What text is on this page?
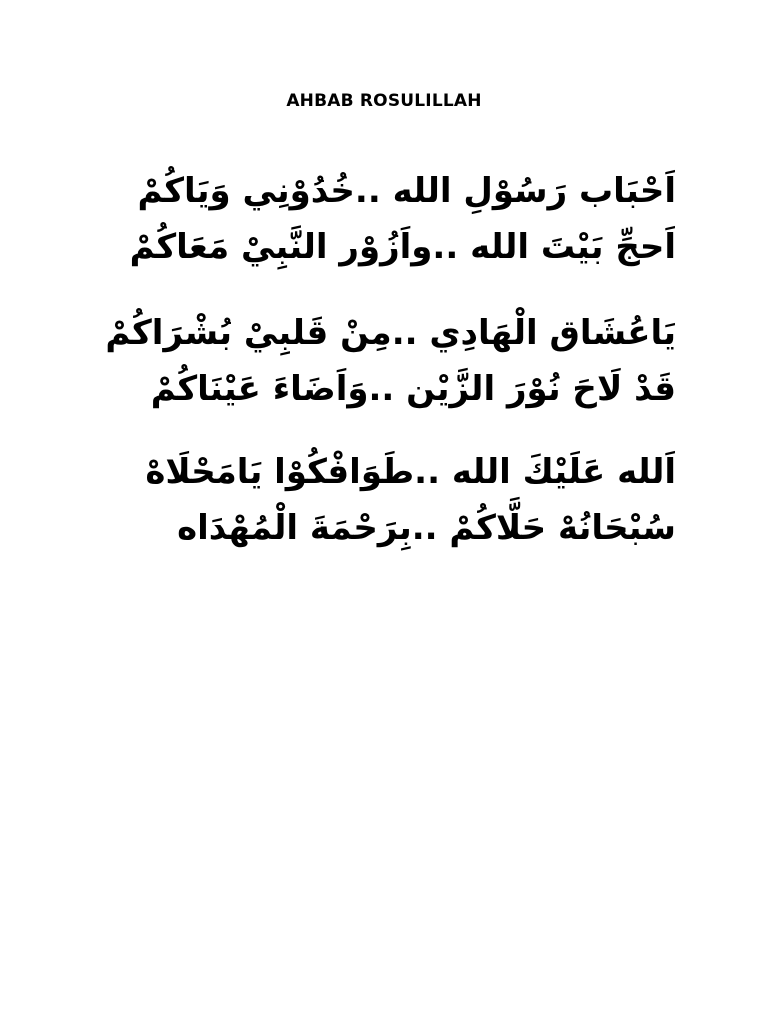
AHBAB ROSULILLAH
اَحْبَاب رَسُوْلِ الله ..خُدُوْنِي وَيَاكُمْ
اَحجِّ بَيْتَ الله ..واَزُوْر النَّبِيْ مَعَاكُمْ
يَاعُشَاق الْهَادِي ..مِنْ قَلبِيْ بُشْرَاكُمْ
قَدْ لَاحَ نُوْرَ الزَّيْن ..وَاَضَاءَ عَيْنَاكُمْ
اَلله عَلَيْكَ الله ..طَوَافْكُوْا يَامَحْلَاهْ
سُبْحَانُهْ حَلَّاكُمْ ..بِرَحْمَةَ الْمُهْدَاه
